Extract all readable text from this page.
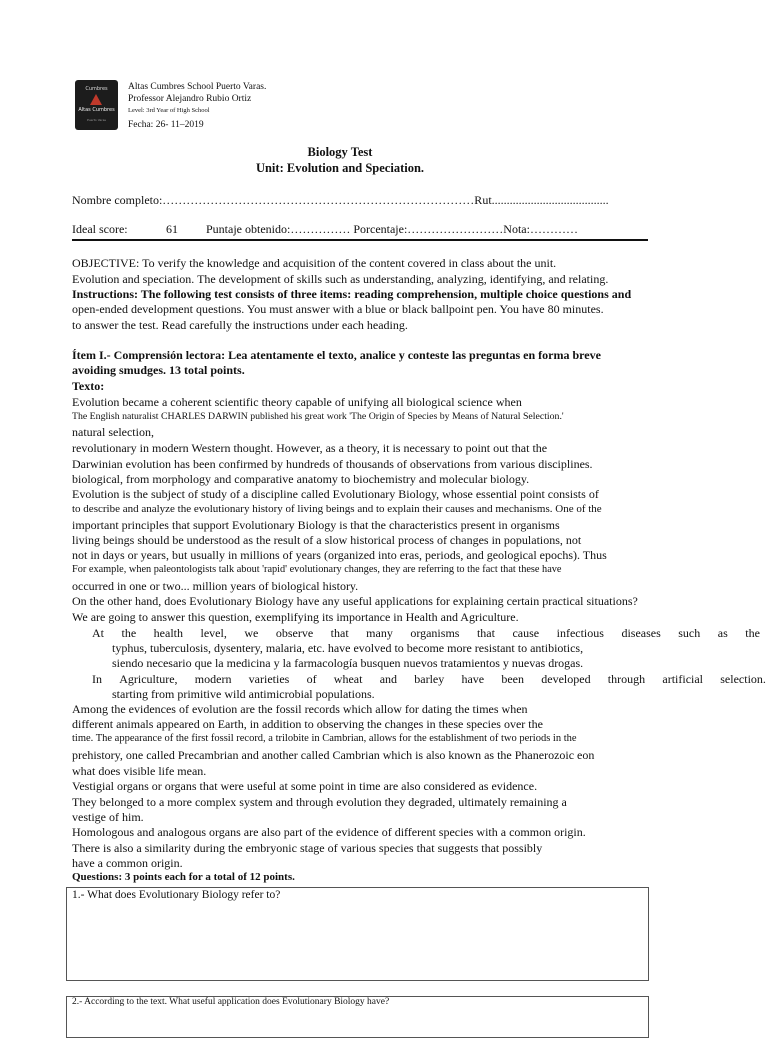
Cumbres
Altas Cumbres
Puerto Varas
Altas Cumbres School Puerto Varas.
Professor Alejandro Rubio Ortiz
Level: 3rd Year of High School
Fecha: 26- 11–2019
Biology Test
Unit: Evolution and Speciation.
Nombre completo:……………………………………………………………………Rut.......................................
Ideal score:	61 Puntaje obtenido:…………… Porcentaje:……………………Nota:…………
OBJECTIVE: To verify the knowledge and acquisition of the content covered in class about the unit.
Evolution and speciation. The development of skills such as understanding, analyzing, identifying, and relating.
Instructions: The following test consists of three items: reading comprehension, multiple choice questions and
open-ended development questions. You must answer with a blue or black ballpoint pen. You have 80 minutes.
to answer the test. Read carefully the instructions under each heading.
Ítem I.- Comprensión lectora: Lea atentamente el texto, analice y conteste las preguntas en forma breve
avoiding smudges. 13 total points.
Texto:
Evolution became a coherent scientific theory capable of unifying all biological science when
The English naturalist CHARLES DARWIN published his great work 'The Origin of Species by Means of Natural Selection.'
natural selection,
revolutionary in modern Western thought. However, as a theory, it is necessary to point out that the
Darwinian evolution has been confirmed by hundreds of thousands of observations from various disciplines.
biological, from morphology and comparative anatomy to biochemistry and molecular biology.
Evolution is the subject of study of a discipline called Evolutionary Biology, whose essential point consists of
to describe and analyze the evolutionary history of living beings and to explain their causes and mechanisms. One of the
important principles that support Evolutionary Biology is that the characteristics present in organisms
living beings should be understood as the result of a slow historical process of changes in populations, not
not in days or years, but usually in millions of years (organized into eras, periods, and geological epochs). Thus
For example, when paleontologists talk about 'rapid' evolutionary changes, they are referring to the fact that these have
occurred in one or two... million years of biological history.
On the other hand, does Evolutionary Biology have any useful applications for explaining certain practical situations?
We are going to answer this question, exemplifying its importance in Health and Agriculture.
At the health level, we observe that many organisms that cause infectious diseases such as the
typhus, tuberculosis, dysentery, malaria, etc. have evolved to become more resistant to antibiotics,
siendo necesario que la medicina y la farmacología busquen nuevos tratamientos y nuevas drogas.
In Agriculture, modern varieties of wheat and barley have been developed through artificial selection.
starting from primitive wild antimicrobial populations.
Among the evidences of evolution are the fossil records which allow for dating the times when
different animals appeared on Earth, in addition to observing the changes in these species over the
time. The appearance of the first fossil record, a trilobite in Cambrian, allows for the establishment of two periods in the
prehistory, one called Precambrian and another called Cambrian which is also known as the Phanerozoic eon
what does visible life mean.
Vestigial organs or organs that were useful at some point in time are also considered as evidence.
They belonged to a more complex system and through evolution they degraded, ultimately remaining a
vestige of him.
Homologous and analogous organs are also part of the evidence of different species with a common origin.
There is also a similarity during the embryonic stage of various species that suggests that possibly
have a common origin.
Questions: 3 points each for a total of 12 points.
1.- What does Evolutionary Biology refer to?
2.- According to the text. What useful application does Evolutionary Biology have?
